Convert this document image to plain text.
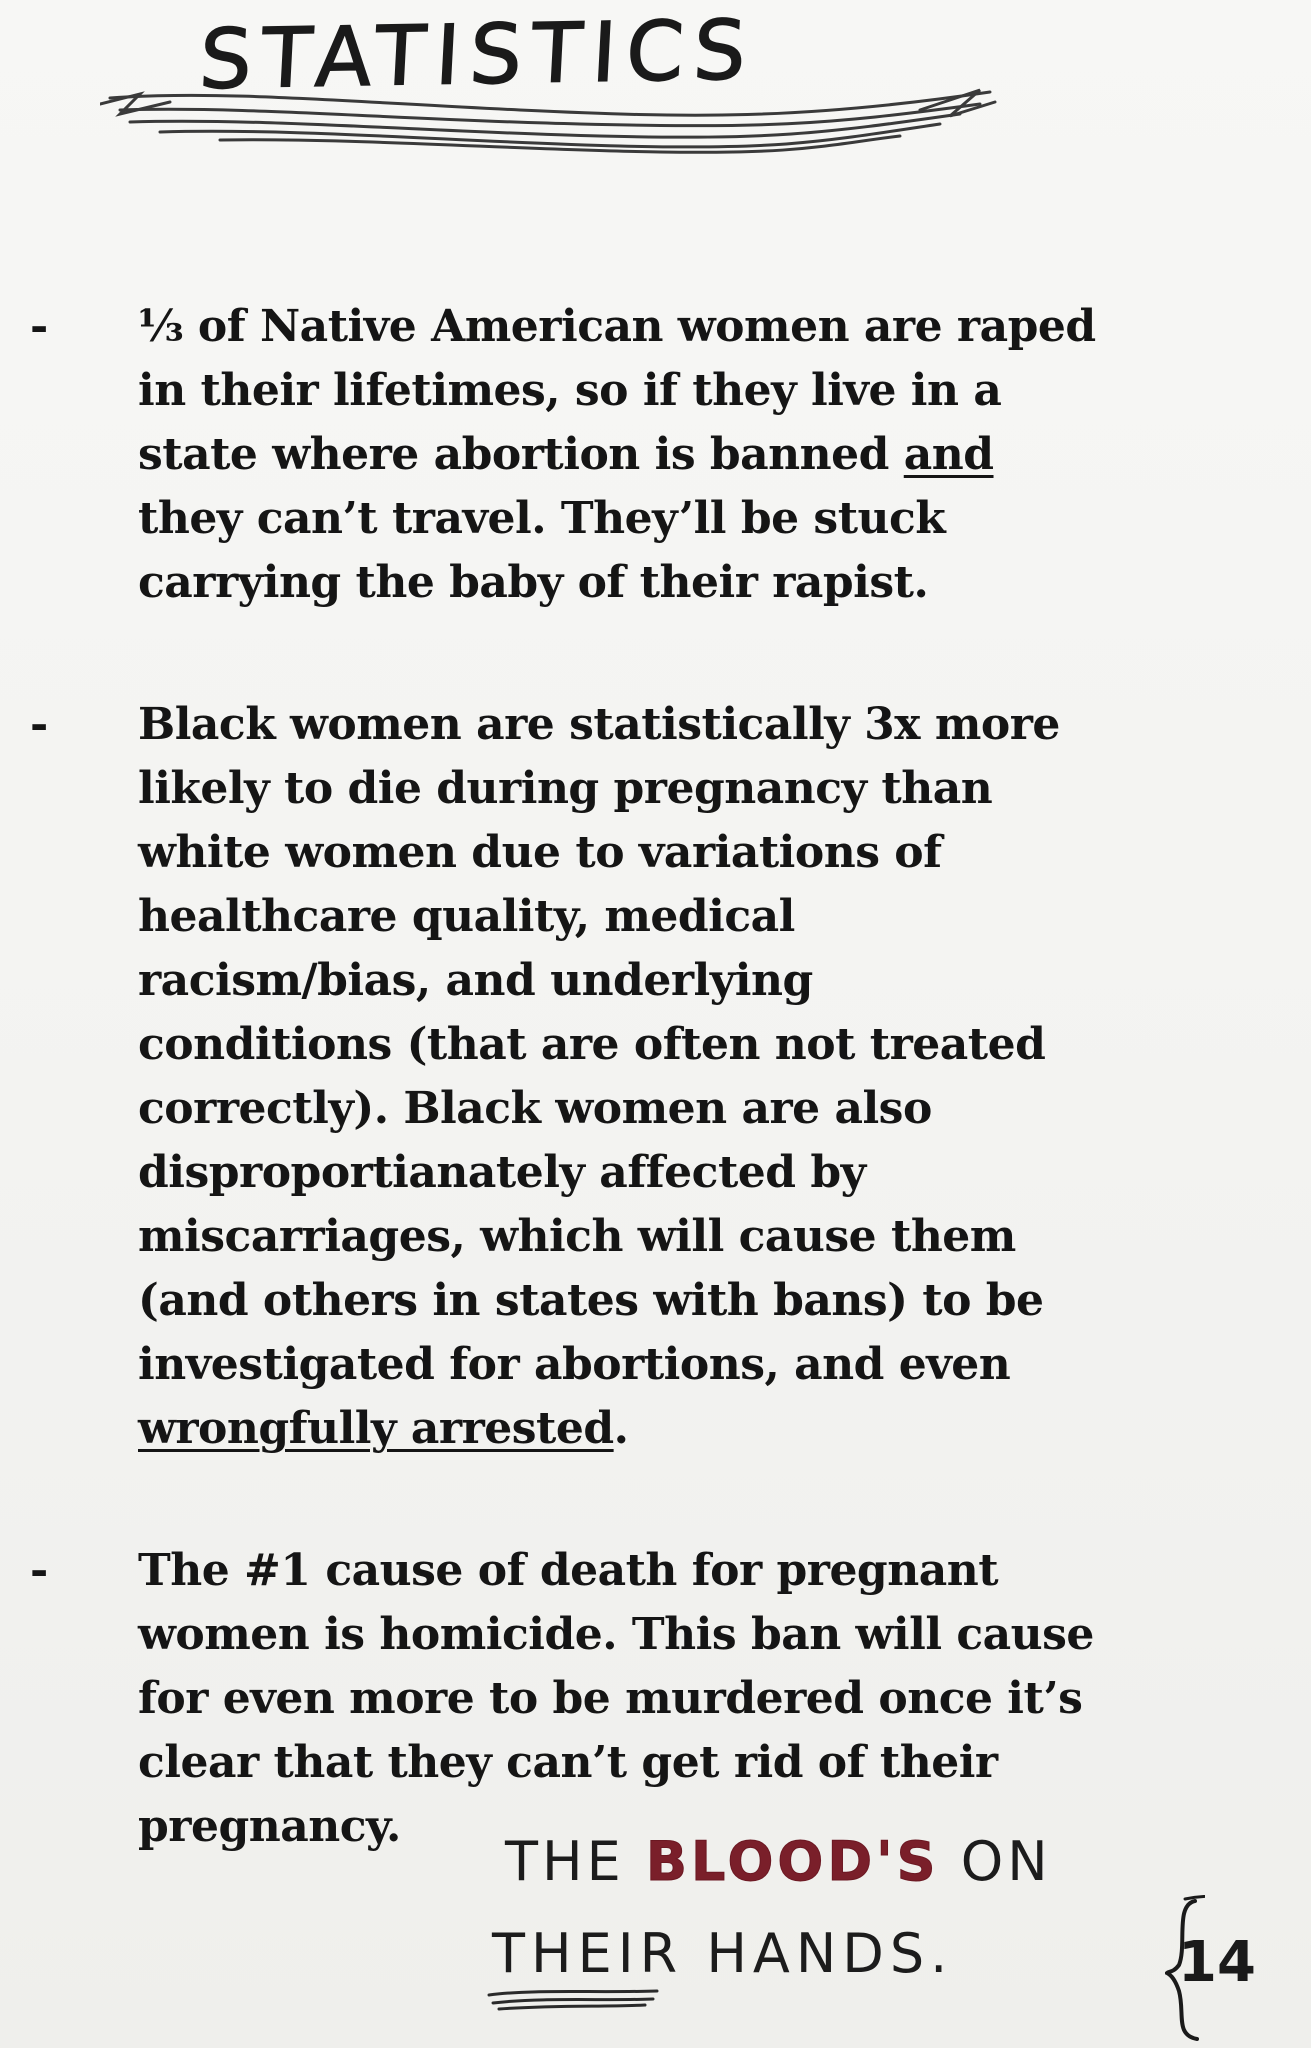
STATISTICS
- ⅓ of Native American women are raped
in their lifetimes, so if they live in a
state where abortion is banned and
they can’t travel. They’ll be stuck
carrying the baby of their rapist.
- Black women are statistically 3x more
likely to die during pregnancy than
white women due to variations of
healthcare quality, medical
racism/bias, and underlying
conditions (that are often not treated
correctly). Black women are also
disproportianately affected by
miscarriages, which will cause them
(and others in states with bans) to be
investigated for abortions, and even
wrongfully arrested.
- The #1 cause of death for pregnant
women is homicide. This ban will cause
for even more to be murdered once it’s
clear that they can’t get rid of their
pregnancy.
THE BLOOD'S ON
THEIR HANDS.	14
